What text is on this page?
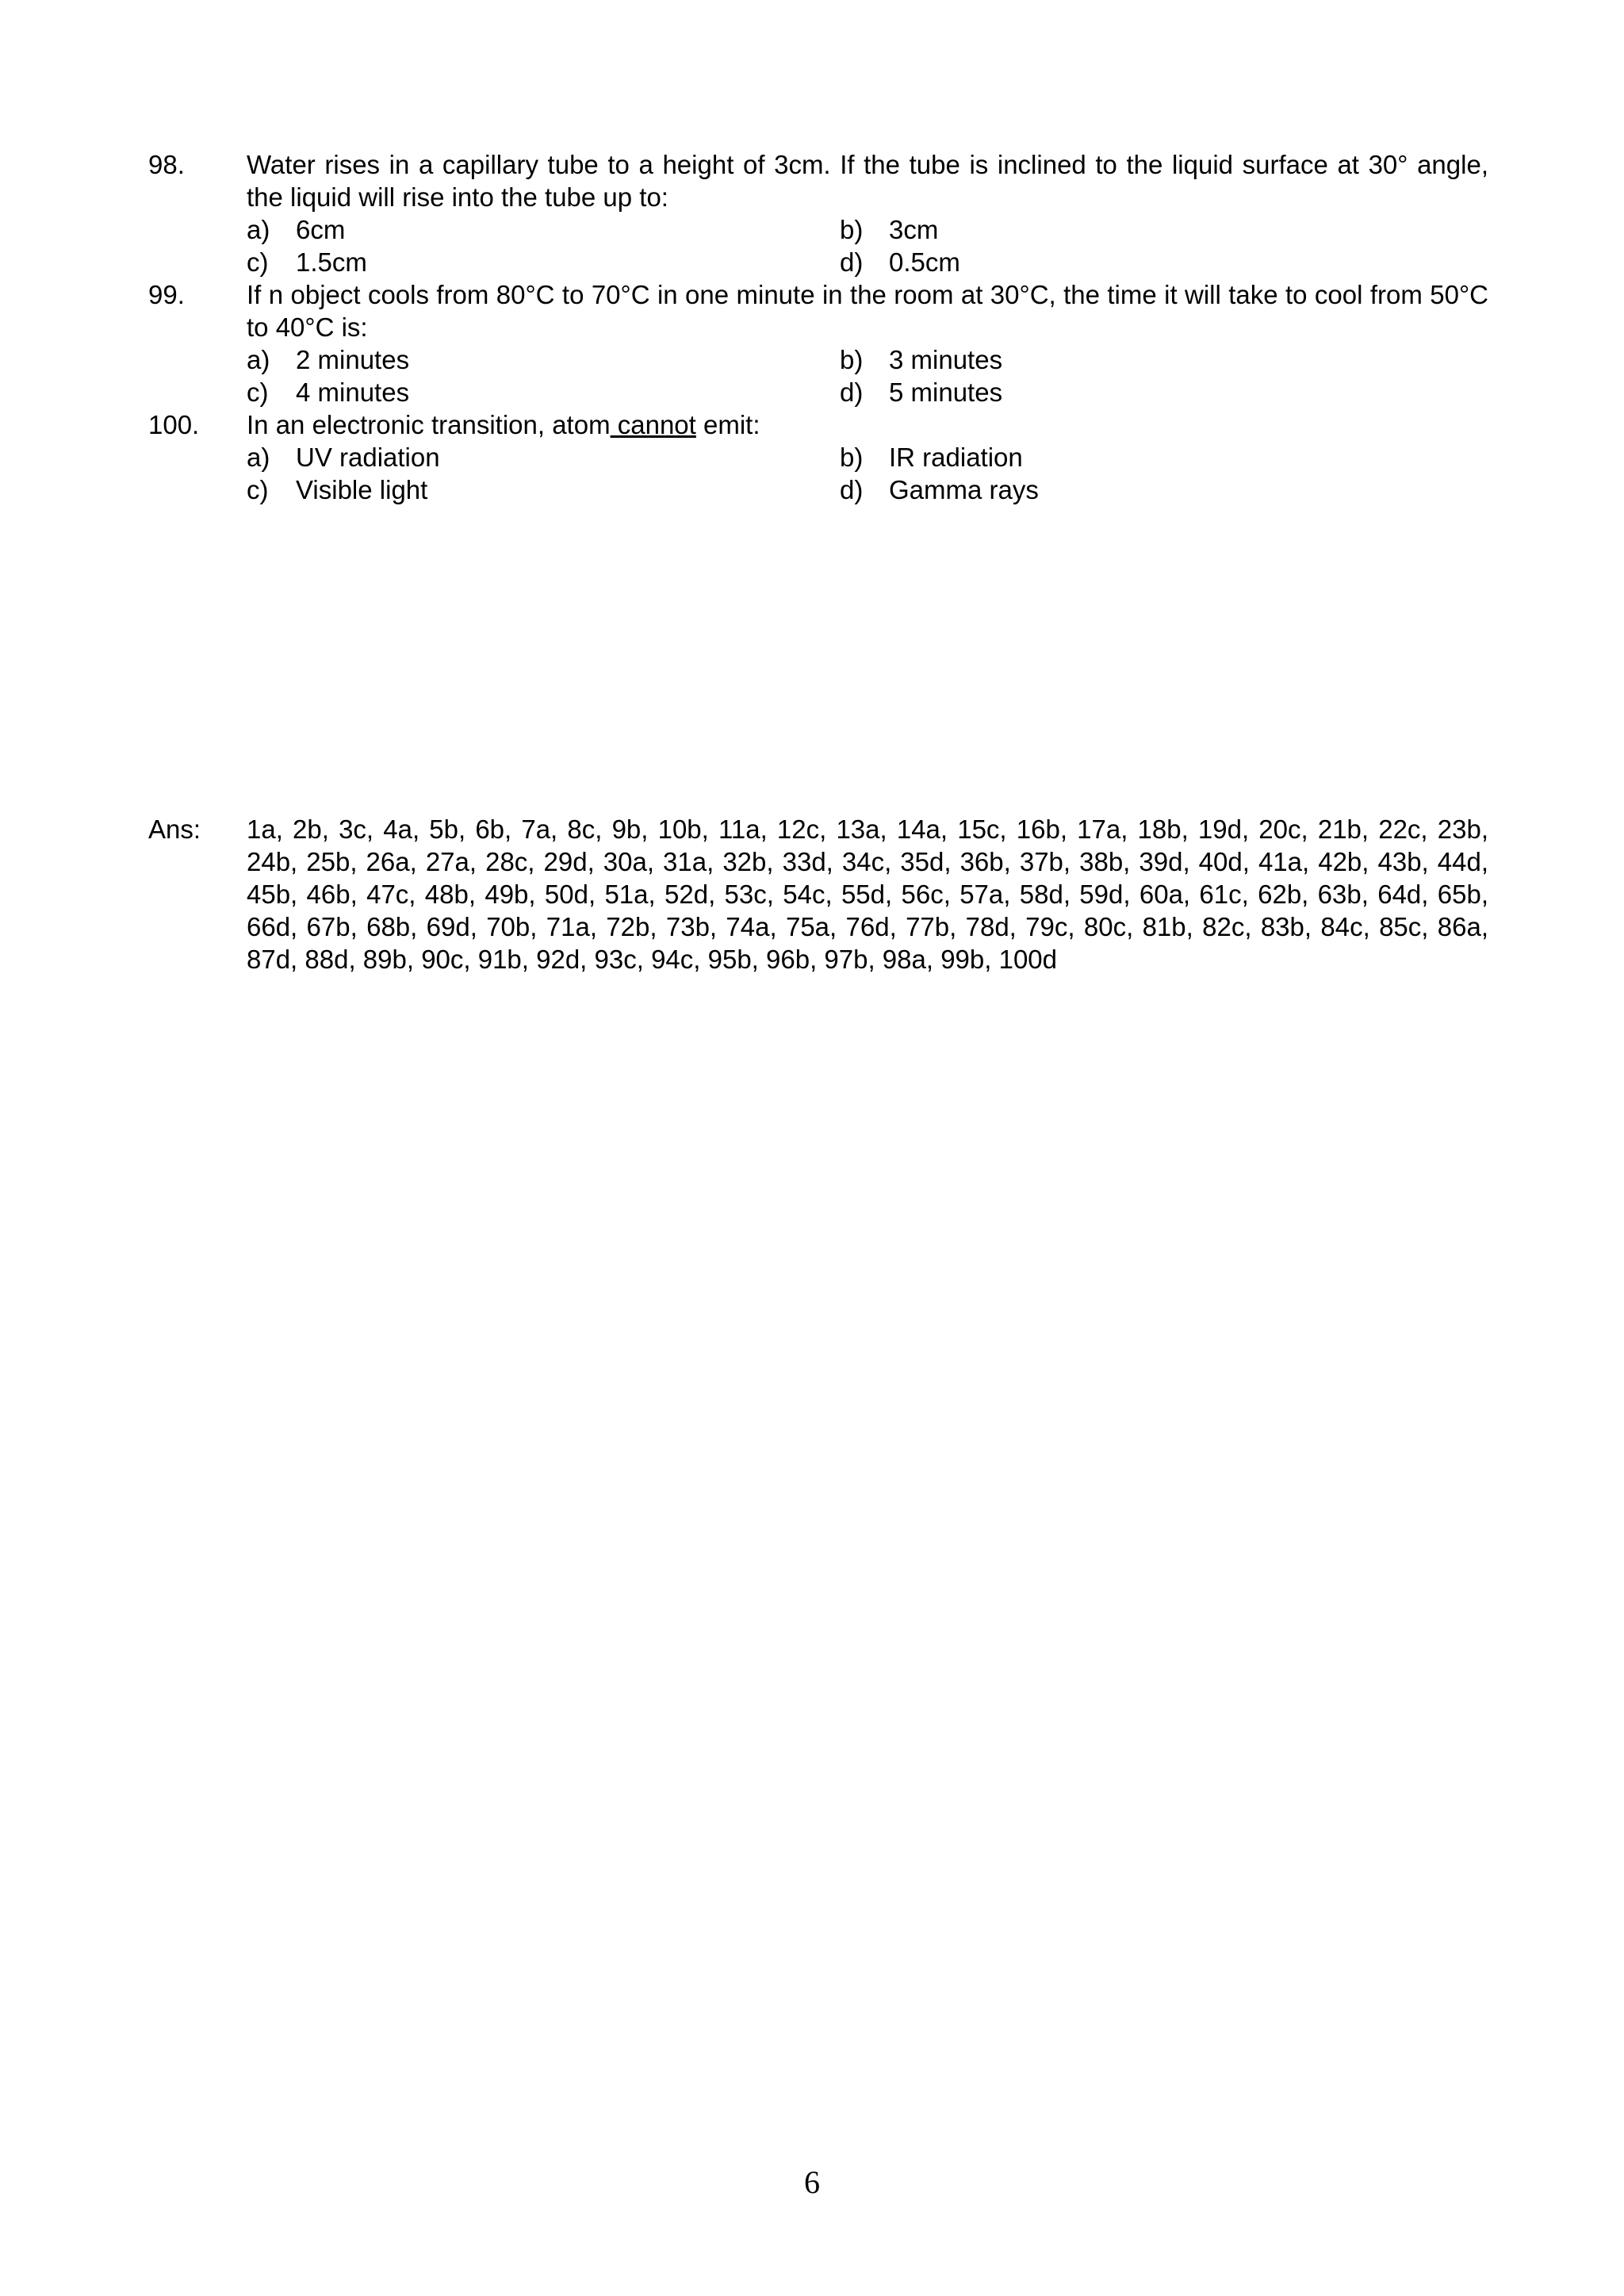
98.	Water rises in a capillary tube to a height of 3cm. If the tube is inclined to the liquid surface at 30° angle, the liquid will rise into the tube up to:
a) 6cm	b) 3cm
c) 1.5cm	d) 0.5cm
99.	If n object cools from 80°C to 70°C in one minute in the room at 30°C, the time it will take to cool from 50°C to 40°C is:
a) 2 minutes	b) 3 minutes
c) 4 minutes	d) 5 minutes
100.	In an electronic transition, atom cannot emit:
a) UV radiation	b) IR radiation
c) Visible light	d) Gamma rays
Ans: 1a, 2b, 3c, 4a, 5b, 6b, 7a, 8c, 9b, 10b, 11a, 12c, 13a, 14a, 15c, 16b, 17a, 18b, 19d, 20c, 21b, 22c, 23b, 24b, 25b, 26a, 27a, 28c, 29d, 30a, 31a, 32b, 33d, 34c, 35d, 36b, 37b, 38b, 39d, 40d, 41a, 42b, 43b, 44d, 45b, 46b, 47c, 48b, 49b, 50d, 51a, 52d, 53c, 54c, 55d, 56c, 57a, 58d, 59d, 60a, 61c, 62b, 63b, 64d, 65b, 66d, 67b, 68b, 69d, 70b, 71a, 72b, 73b, 74a, 75a, 76d, 77b, 78d, 79c, 80c, 81b, 82c, 83b, 84c, 85c, 86a, 87d, 88d, 89b, 90c, 91b, 92d, 93c, 94c, 95b, 96b, 97b, 98a, 99b, 100d
6
